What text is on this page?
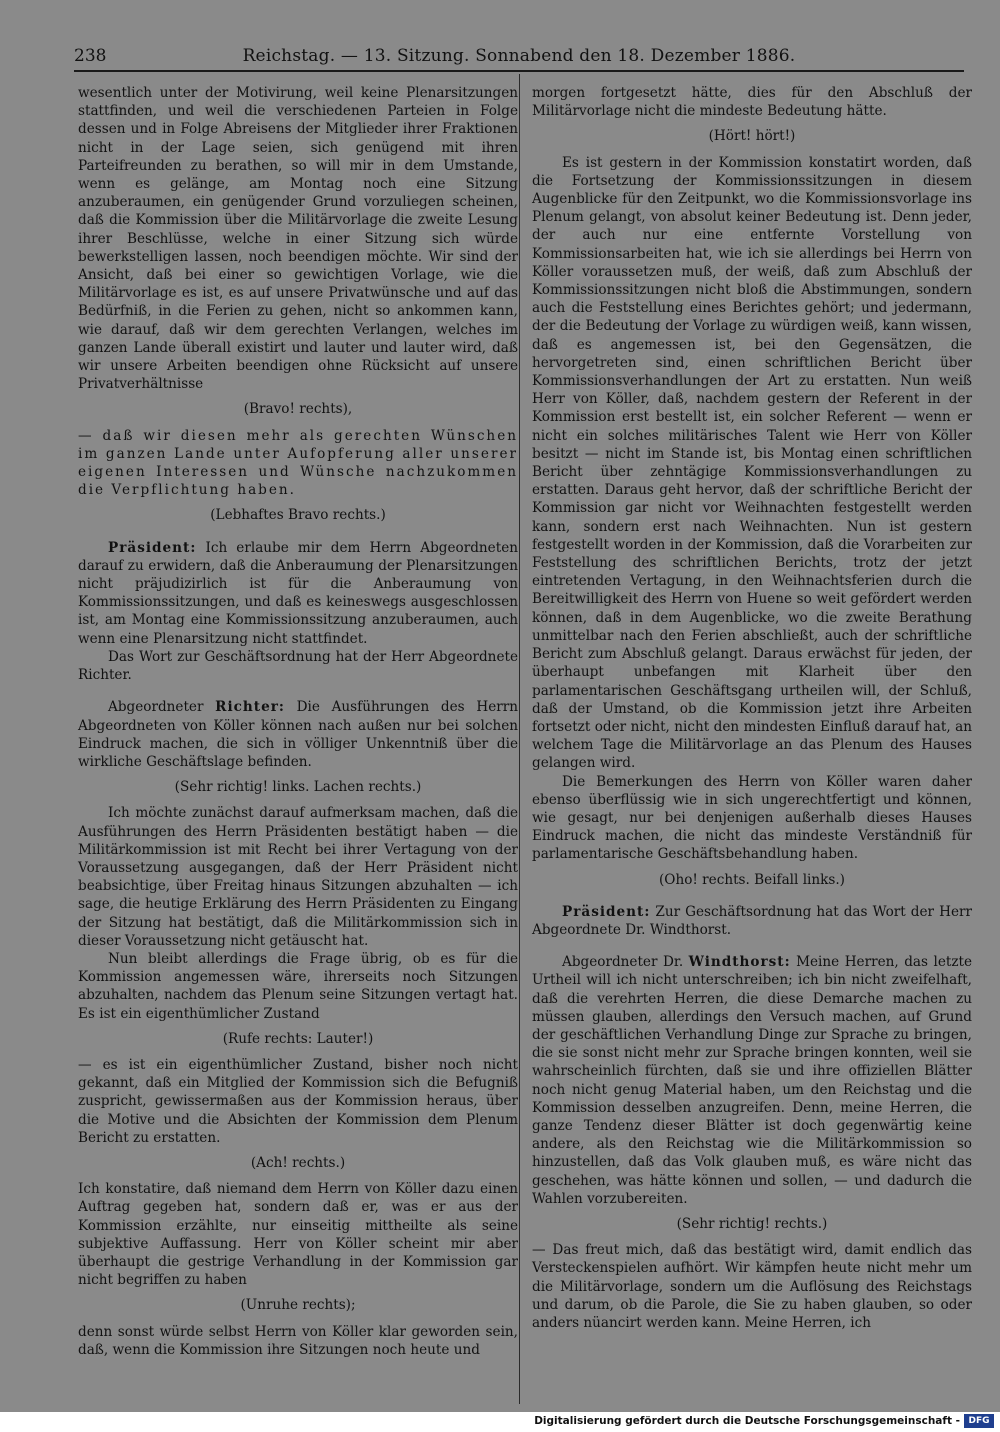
238	Reichstag. — 13. Sitzung. Sonnabend den 18. Dezember 1886.

wesentlich unter der Motivirung, weil keine Plenarsitzungen stattfinden, und weil die verschiedenen Parteien in Folge dessen und in Folge Abreisens der Mitglieder ihrer Fraktionen nicht in der Lage seien, sich genügend mit ihren Parteifreunden zu berathen, so will mir in dem Umstande, wenn es gelänge, am Montag noch eine Sitzung anzuberaumen, ein genügender Grund vorzuliegen scheinen, daß die Kommission über die Militärvorlage die zweite Lesung ihrer Beschlüsse, welche in einer Sitzung sich würde bewerkstelligen lassen, noch beendigen möchte. Wir sind der Ansicht, daß bei einer so gewichtigen Vorlage, wie die Militärvorlage es ist, es auf unsere Privatwünsche und auf das Bedürfniß, in die Ferien zu gehen, nicht so ankommen kann, wie darauf, daß wir dem gerechten Verlangen, welches im ganzen Lande überall existirt und lauter und lauter wird, daß wir unsere Arbeiten beendigen ohne Rücksicht auf unsere Privatverhältnisse

(Bravo! rechts),

— daß wir diesen mehr als gerechten Wünschen im ganzen Lande unter Aufopferung aller unserer eigenen Interessen und Wünsche nachzukommen die Verpflichtung haben.

(Lebhaftes Bravo rechts.)

Präsident: Ich erlaube mir dem Herrn Abgeordneten darauf zu erwidern, daß die Anberaumung der Plenarsitzungen nicht präjudizirlich ist für die Anberaumung von Kommissionssitzungen, und daß es keineswegs ausgeschlossen ist, am Montag eine Kommissionssitzung anzuberaumen, auch wenn eine Plenarsitzung nicht stattfindet.

Das Wort zur Geschäftsordnung hat der Herr Abgeordnete Richter.

Abgeordneter Richter: Die Ausführungen des Herrn Abgeordneten von Köller können nach außen nur bei solchen Eindruck machen, die sich in völliger Unkenntniß über die wirkliche Geschäftslage befinden.

(Sehr richtig! links. Lachen rechts.)

Ich möchte zunächst darauf aufmerksam machen, daß die Ausführungen des Herrn Präsidenten bestätigt haben — die Militärkommission ist mit Recht bei ihrer Vertagung von der Voraussetzung ausgegangen, daß der Herr Präsident nicht beabsichtige, über Freitag hinaus Sitzungen abzuhalten — ich sage, die heutige Erklärung des Herrn Präsidenten zu Eingang der Sitzung hat bestätigt, daß die Militärkommission sich in dieser Voraussetzung nicht getäuscht hat.

Nun bleibt allerdings die Frage übrig, ob es für die Kommission angemessen wäre, ihrerseits noch Sitzungen abzuhalten, nachdem das Plenum seine Sitzungen vertagt hat. Es ist ein eigenthümlicher Zustand

(Rufe rechts: Lauter!)

— es ist ein eigenthümlicher Zustand, bisher noch nicht gekannt, daß ein Mitglied der Kommission sich die Befugniß zuspricht, gewissermaßen aus der Kommission heraus, über die Motive und die Absichten der Kommission dem Plenum Bericht zu erstatten.

(Ach! rechts.)

Ich konstatire, daß niemand dem Herrn von Köller dazu einen Auftrag gegeben hat, sondern daß er, was er aus der Kommission erzählte, nur einseitig mittheilte als seine subjektive Auffassung. Herr von Köller scheint mir aber überhaupt die gestrige Verhandlung in der Kommission gar nicht begriffen zu haben

(Unruhe rechts);

denn sonst würde selbst Herrn von Köller klar geworden sein, daß, wenn die Kommission ihre Sitzungen noch heute und

morgen fortgesetzt hätte, dies für den Abschluß der Militärvorlage nicht die mindeste Bedeutung hätte.

(Hört! hört!)

Es ist gestern in der Kommission konstatirt worden, daß die Fortsetzung der Kommissionssitzungen in diesem Augenblicke für den Zeitpunkt, wo die Kommissionsvorlage ins Plenum gelangt, von absolut keiner Bedeutung ist. Denn jeder, der auch nur eine entfernte Vorstellung von Kommissionsarbeiten hat, wie ich sie allerdings bei Herrn von Köller voraussetzen muß, der weiß, daß zum Abschluß der Kommissionssitzungen nicht bloß die Abstimmungen, sondern auch die Feststellung eines Berichtes gehört; und jedermann, der die Bedeutung der Vorlage zu würdigen weiß, kann wissen, daß es angemessen ist, bei den Gegensätzen, die hervorgetreten sind, einen schriftlichen Bericht über Kommissionsverhandlungen der Art zu erstatten. Nun weiß Herr von Köller, daß, nachdem gestern der Referent in der Kommission erst bestellt ist, ein solcher Referent — wenn er nicht ein solches militärisches Talent wie Herr von Köller besitzt — nicht im Stande ist, bis Montag einen schriftlichen Bericht über zehntägige Kommissionsverhandlungen zu erstatten. Daraus geht hervor, daß der schriftliche Bericht der Kommission gar nicht vor Weihnachten festgestellt werden kann, sondern erst nach Weihnachten. Nun ist gestern festgestellt worden in der Kommission, daß die Vorarbeiten zur Feststellung des schriftlichen Berichts, trotz der jetzt eintretenden Vertagung, in den Weihnachtsferien durch die Bereitwilligkeit des Herrn von Huene so weit gefördert werden können, daß in dem Augenblicke, wo die zweite Berathung unmittelbar nach den Ferien abschließt, auch der schriftliche Bericht zum Abschluß gelangt. Daraus erwächst für jeden, der überhaupt unbefangen mit Klarheit über den parlamentarischen Geschäftsgang urtheilen will, der Schluß, daß der Umstand, ob die Kommission jetzt ihre Arbeiten fortsetzt oder nicht, nicht den mindesten Einfluß darauf hat, an welchem Tage die Militärvorlage an das Plenum des Hauses gelangen wird.

Die Bemerkungen des Herrn von Köller waren daher ebenso überflüssig wie in sich ungerechtfertigt und können, wie gesagt, nur bei denjenigen außerhalb dieses Hauses Eindruck machen, die nicht das mindeste Verständniß für parlamentarische Geschäftsbehandlung haben.

(Oho! rechts. Beifall links.)

Präsident: Zur Geschäftsordnung hat das Wort der Herr Abgeordnete Dr. Windthorst.

Abgeordneter Dr. Windthorst: Meine Herren, das letzte Urtheil will ich nicht unterschreiben; ich bin nicht zweifelhaft, daß die verehrten Herren, die diese Demarche machen zu müssen glauben, allerdings den Versuch machen, auf Grund der geschäftlichen Verhandlung Dinge zur Sprache zu bringen, die sie sonst nicht mehr zur Sprache bringen konnten, weil sie wahrscheinlich fürchten, daß sie und ihre offiziellen Blätter noch nicht genug Material haben, um den Reichstag und die Kommission desselben anzugreifen. Denn, meine Herren, die ganze Tendenz dieser Blätter ist doch gegenwärtig keine andere, als den Reichstag wie die Militärkommission so hinzustellen, daß das Volk glauben muß, es wäre nicht das geschehen, was hätte können und sollen, — und dadurch die Wahlen vorzubereiten.

(Sehr richtig! rechts.)

— Das freut mich, daß das bestätigt wird, damit endlich das Versteckenspielen aufhört. Wir kämpfen heute nicht mehr um die Militärvorlage, sondern um die Auflösung des Reichstags und darum, ob die Parole, die Sie zu haben glauben, so oder anders nüancirt werden kann. Meine Herren, ich

Digitalisierung gefördert durch die Deutsche Forschungsgemeinschaft - DFG
